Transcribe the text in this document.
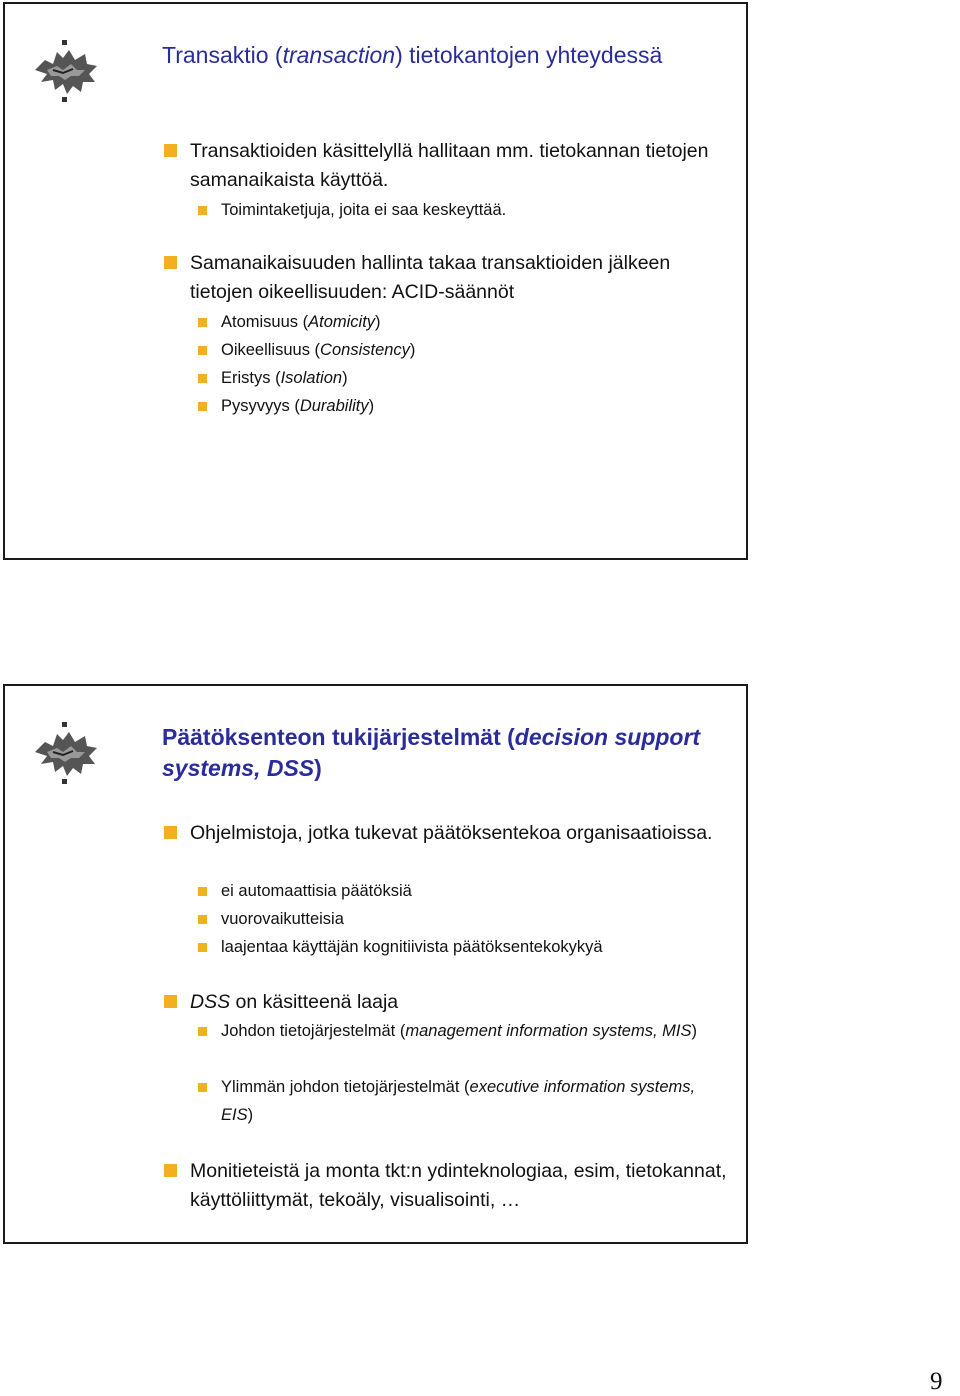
Transaktio (transaction) tietokantojen yhteydessä

Transaktioiden käsittelyllä hallitaan mm. tietokannan tietojen samanaikaista käyttöä.

Toimintaketjuja, joita ei saa keskeyttää.

Samanaikaisuuden hallinta takaa transaktioiden jälkeen tietojen oikeellisuuden: ACID-säännöt

Atomisuus (Atomicity)

Oikeellisuus (Consistency)

Eristys (Isolation)

Pysyvyys (Durability)

Päätöksenteon tukijärjestelmät (decision support systems, DSS)

Ohjelmistoja, jotka tukevat päätöksentekoa organisaatioissa.

ei automaattisia päätöksiä

vuorovaikutteisia

laajentaa käyttäjän kognitiivista päätöksentekokykyä

DSS on käsitteenä laaja

Johdon tietojärjestelmät (management information systems, MIS)

Ylimmän johdon tietojärjestelmät (executive information systems, EIS)

Monitieteistä ja monta tkt:n ydinteknologiaa, esim, tietokannat, käyttöliittymät, tekoäly, visualisointi, …

9
